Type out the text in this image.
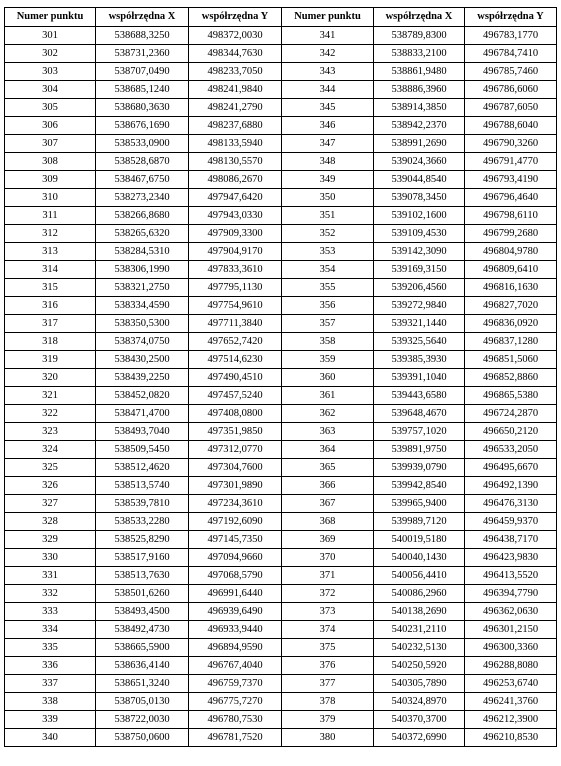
Numer punktu	współrzędna X	współrzędna Y	Numer punktu	współrzędna X	współrzędna Y
301	538688,3250	498372,0030	341	538789,8300	496783,1770
302	538731,2360	498344,7630	342	538833,2100	496784,7410
303	538707,0490	498233,7050	343	538861,9480	496785,7460
304	538685,1240	498241,9840	344	538886,3960	496786,6060
305	538680,3630	498241,2790	345	538914,3850	496787,6050
306	538676,1690	498237,6880	346	538942,2370	496788,6040
307	538533,0900	498133,5940	347	538991,2690	496790,3260
308	538528,6870	498130,5570	348	539024,3660	496791,4770
309	538467,6750	498086,2670	349	539044,8540	496793,4190
310	538273,2340	497947,6420	350	539078,3450	496796,4640
311	538266,8680	497943,0330	351	539102,1600	496798,6110
312	538265,6320	497909,3300	352	539109,4530	496799,2680
313	538284,5310	497904,9170	353	539142,3090	496804,9780
314	538306,1990	497833,3610	354	539169,3150	496809,6410
315	538321,2750	497795,1130	355	539206,4560	496816,1630
316	538334,4590	497754,9610	356	539272,9840	496827,7020
317	538350,5300	497711,3840	357	539321,1440	496836,0920
318	538374,0750	497652,7420	358	539325,5640	496837,1280
319	538430,2500	497514,6230	359	539385,3930	496851,5060
320	538439,2250	497490,4510	360	539391,1040	496852,8860
321	538452,0820	497457,5240	361	539443,6580	496865,5380
322	538471,4700	497408,0800	362	539648,4670	496724,2870
323	538493,7040	497351,9850	363	539757,1020	496650,2120
324	538509,5450	497312,0770	364	539891,9750	496533,2050
325	538512,4620	497304,7600	365	539939,0790	496495,6670
326	538513,5740	497301,9890	366	539942,8540	496492,1390
327	538539,7810	497234,3610	367	539965,9400	496476,3130
328	538533,2280	497192,6090	368	539989,7120	496459,9370
329	538525,8290	497145,7350	369	540019,5180	496438,7170
330	538517,9160	497094,9660	370	540040,1430	496423,9830
331	538513,7630	497068,5790	371	540056,4410	496413,5520
332	538501,6260	496991,6440	372	540086,2960	496394,7790
333	538493,4500	496939,6490	373	540138,2690	496362,0630
334	538492,4730	496933,9440	374	540231,2110	496301,2150
335	538665,5900	496894,9590	375	540232,5130	496300,3360
336	538636,4140	496767,4040	376	540250,5920	496288,8080
337	538651,3240	496759,7370	377	540305,7890	496253,6740
338	538705,0130	496775,7270	378	540324,8970	496241,3760
339	538722,0030	496780,7530	379	540370,3700	496212,3900
340	538750,0600	496781,7520	380	540372,6990	496210,8530
